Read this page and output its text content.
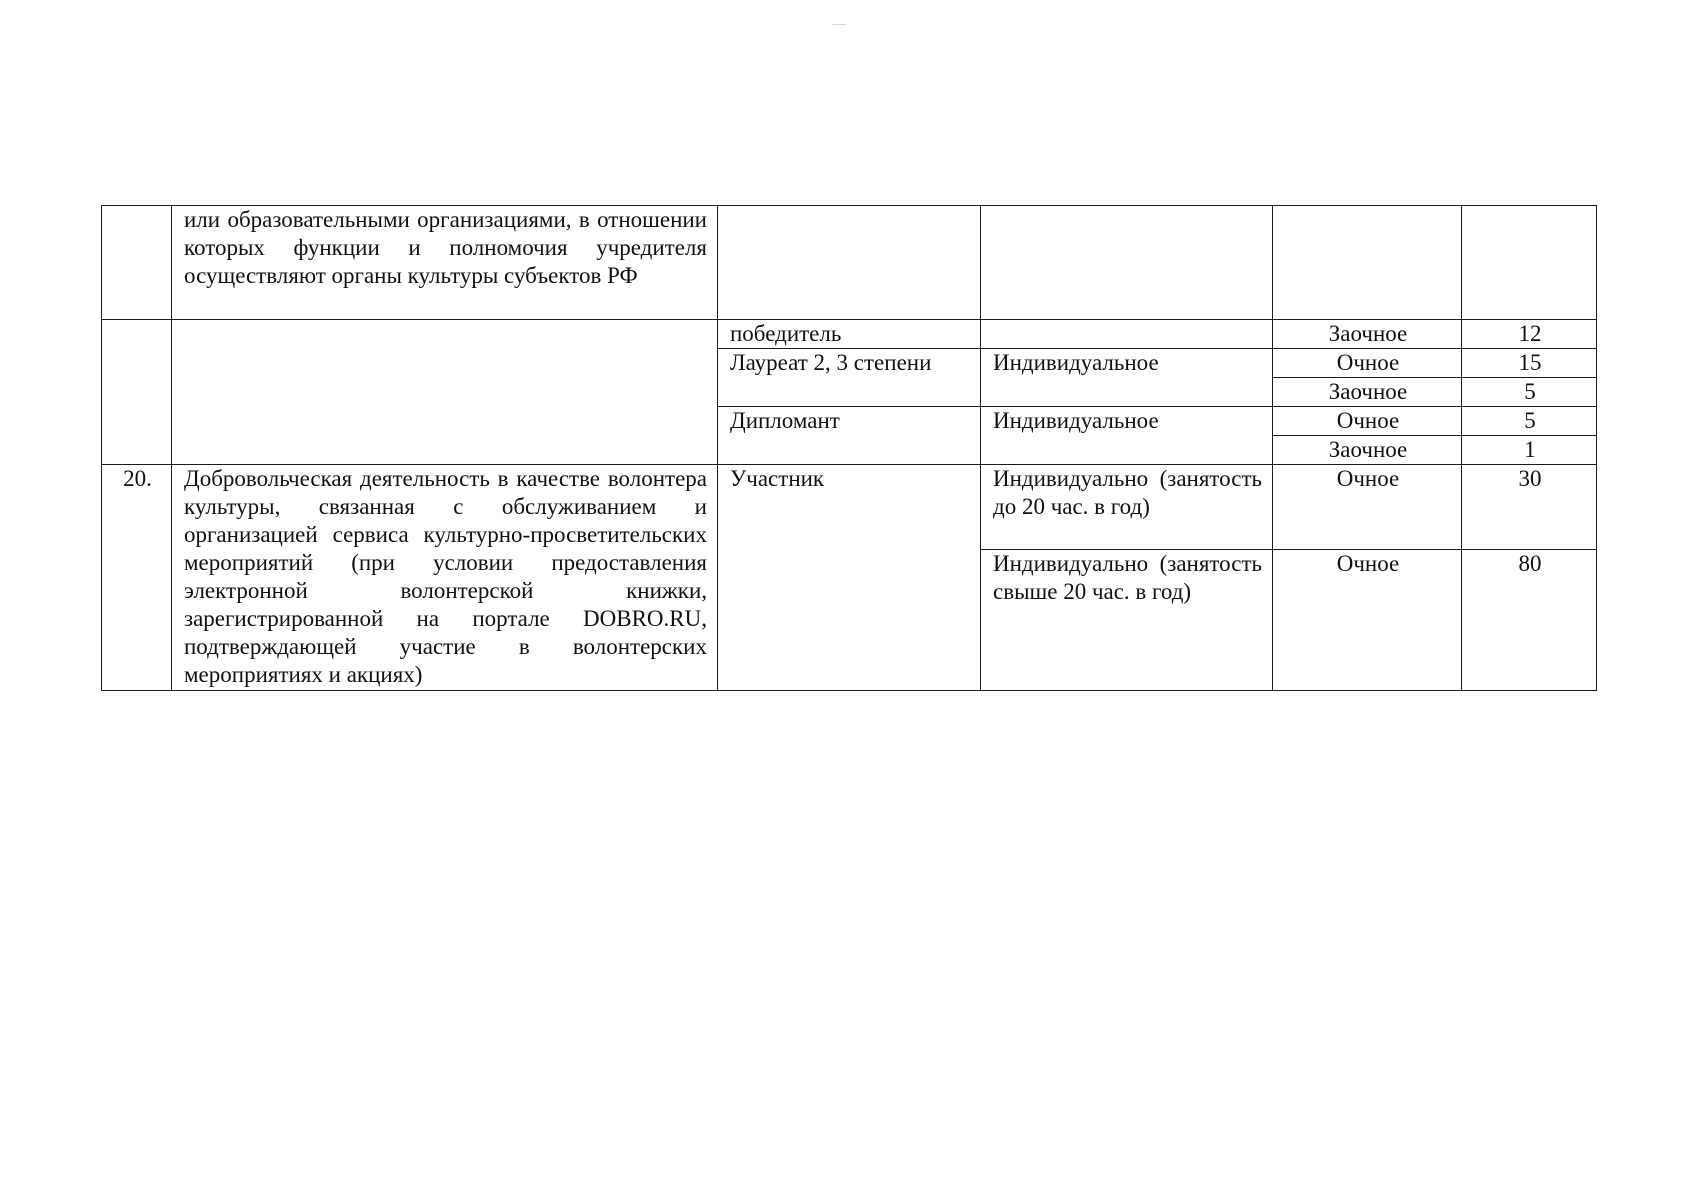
	или образовательными организациями, в отношении которых функции и полномочия учредителя осуществляют органы культуры субъектов РФ				
		победитель		Заочное	12
		Лауреат 2, 3 степени	Индивидуальное	Очное	15
				Заочное	5
		Дипломант	Индивидуальное	Очное	5
				Заочное	1
20.	Добровольческая деятельность в качестве волонтера культуры, связанная с обслуживанием и организацией сервиса культурно-просветительских мероприятий (при условии предоставления электронной волонтерской книжки, зарегистрированной на портале DOBRO.RU, подтверждающей участие в волонтерских мероприятиях и акциях)	Участник	Индивидуально (занятость до 20 час. в год)	Очное	30
			Индивидуально (занятость свыше 20 час. в год)	Очное	80
